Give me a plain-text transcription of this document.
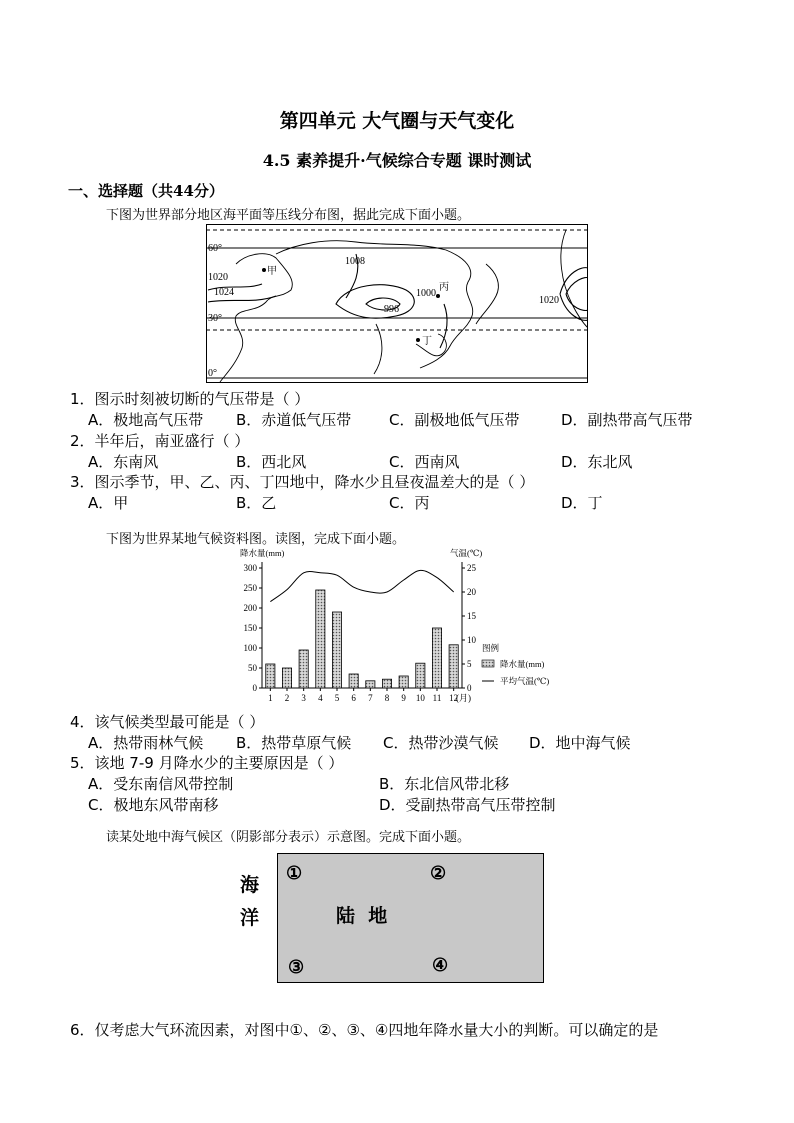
第四单元 大气圈与天气变化
4.5 素养提升·气候综合专题 课时测试
一、选择题（共44分）
下图为世界部分地区海平面等压线分布图，据此完成下面小题。
60°
30°
0°
1008
1020
1024
996
1000
1020
甲
丙
丁
1．图示时刻被切断的气压带是（ ）
A．极地高气压带 B．赤道低气压带	C．副极地低气压带	D．副热带高气压带
2．半年后，南亚盛行（ ）
A．东南风	B．西北风	C．西南风	D．东北风
3．图示季节，甲、乙、丙、丁四地中，降水少且昼夜温差大的是（ ）
A．甲	B．乙	C．丙	D．丁
下图为世界某地气候资料图。读图，完成下面小题。
0
50
100
150
200
250
300
0
5
10
15
20
25
降水量(mm)	气温(℃)
1 2 3 4 5 6 7 8 9 10 11 12
(月)
图例
降水量(mm)
平均气温(℃)
4．该气候类型最可能是（ ）
A．热带雨林气候 B．热带草原气候 C．热带沙漠气候 D．地中海气候
5．该地 7-9 月降水少的主要原因是（ ）
A．受东南信风带控制	B．东北信风带北移
C．极地东风带南移	D．受副热带高气压带控制
读某处地中海气候区（阴影部分表示）示意图。完成下面小题。
海
洋
①	②
③	④
陆  地
6．仅考虑大气环流因素，对图中①、②、③、④四地年降水量大小的判断。可以确定的是
